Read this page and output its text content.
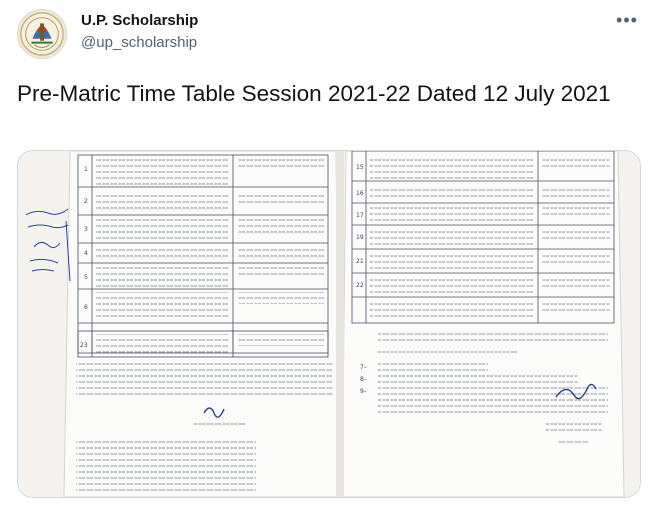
U.P. Scholarship
@up_scholarship
•••
Pre-Matric Time Table Session 2021-22 Dated 12 July 2021
1
2
3
4
5
6
23
15
16
17
19
21
22
7–
8–
9–
